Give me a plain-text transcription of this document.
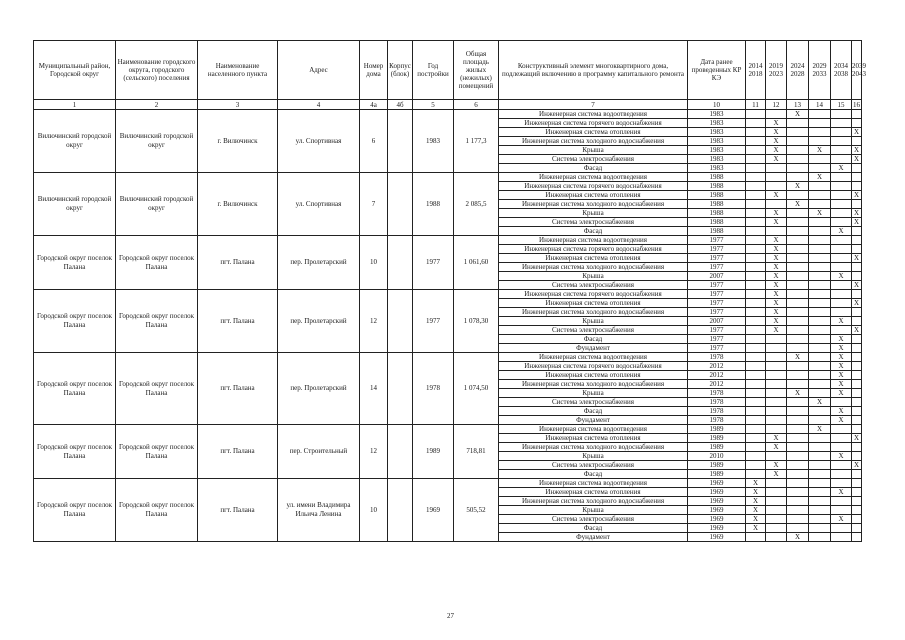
Муниципальный район, Городской округ	Наименование городского округа, городского (сельского) поселения	Наименование населенного пункта	Адрес	Номер дома	Корпус (блок)	Год постройки	Общая площадь жилых (нежилых) помещений	Конструктивный элемент многоквартирного дома, подлежащий включению в программу капитального ремонта	Дата ранее проведенных КР КЭ	2014 2018	2019 2023	2024 2028	2029 2033	2034 2038	2039 2043
1	2	3	4	4а	4б	5	6	7	10	11	12	13	14	15	16
Вилючинский городской округ	Вилючинский городской округ	г. Вилючинск	ул. Спортивная	6		1983	1 177,3	Инженерная система водоотведения	1983			X			
								Инженерная система горячего водоснабжения	1983		X				
								Инженерная система отопления	1983		X				X
								Инженерная система холодного водоснабжения	1983		X				
								Крыша	1983		X		X		X
								Система электроснабжения	1983		X				X
								Фасад	1983					X	
Вилючинский городской округ	Вилючинский городской округ	г. Вилючинск	ул. Спортивная	7		1988	2 085,5	Инженерная система водоотведения	1988				X		
								Инженерная система горячего водоснабжения	1988			X			
								Инженерная система отопления	1988		X				X
								Инженерная система холодного водоснабжения	1988			X			
								Крыша	1988		X		X		X
								Система электроснабжения	1988		X				X
								Фасад	1988					X	
Городской округ поселок Палана	Городской округ поселок Палана	пгт. Палана	пер. Пролетарский	10		1977	1 061,60	Инженерная система водоотведения	1977		X				
								Инженерная система горячего водоснабжения	1977		X				
								Инженерная система отопления	1977		X				X
								Инженерная система холодного водоснабжения	1977		X				
								Крыша	2007		X			X	
								Система электроснабжения	1977		X				X
Городской округ поселок Палана	Городской округ поселок Палана	пгт. Палана	пер. Пролетарский	12		1977	1 078,30	Инженерная система горячего водоснабжения	1977		X				
								Инженерная система отопления	1977		X				X
								Инженерная система холодного водоснабжения	1977		X				
								Крыша	2007		X			X	
								Система электроснабжения	1977		X				X
								Фасад	1977					X	
								Фундамент	1977					X	
Городской округ поселок Палана	Городской округ поселок Палана	пгт. Палана	пер. Пролетарский	14		1978	1 074,50	Инженерная система водоотведения	1978			X		X	
								Инженерная система горячего водоснабжения	2012					X	
								Инженерная система отопления	2012					X	
								Инженерная система холодного водоснабжения	2012					X	
								Крыша	1978			X		X	
								Система электроснабжения	1978				X		
								Фасад	1978					X	
								Фундамент	1978					X	
Городской округ поселок Палана	Городской округ поселок Палана	пгт. Палана	пер. Строительный	12		1989	718,81	Инженерная система водоотведения	1989				X		
								Инженерная система отопления	1989		X				X
								Инженерная система холодного водоснабжения	1989		X				
								Крыша	2010					X	
								Система электроснабжения	1989		X				X
								Фасад	1989		X				
Городской округ поселок Палана	Городской округ поселок Палана	пгт. Палана	ул. имени Владимира Ильича Ленина	10		1969	505,52	Инженерная система водоотведения	1969	X					
								Инженерная система отопления	1969	X				X	
								Инженерная система холодного водоснабжения	1969	X					
								Крыша	1969	X					
								Система электроснабжения	1969	X				X	
								Фасад	1969	X					
								Фундамент	1969			X			
27
